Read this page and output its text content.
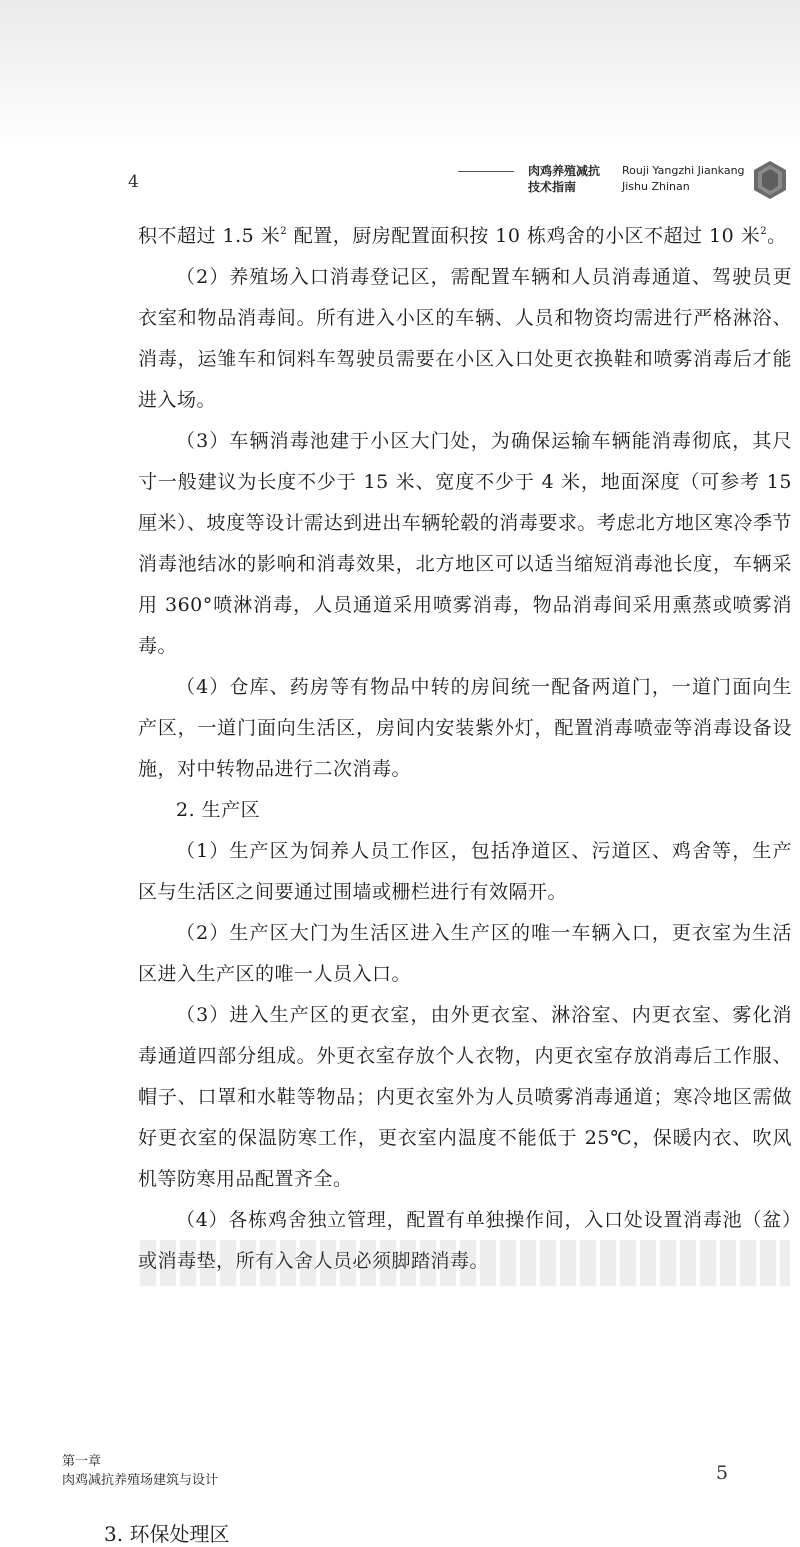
4
肉鸡养殖减抗
技术指南
Rouji Yangzhi Jiankang
Jishu Zhinan

积不超过 1.5 米$^2$ 配置，厨房配置面积按 10 栋鸡舍的小区不超过 10 米$^2$。

（2）养殖场入口消毒登记区，需配置车辆和人员消毒通道、驾驶员更衣室和物品消毒间。所有进入小区的车辆、人员和物资均需进行严格淋浴、消毒，运雏车和饲料车驾驶员需要在小区入口处更衣换鞋和喷雾消毒后才能进入场。

（3）车辆消毒池建于小区大门处，为确保运输车辆能消毒彻底，其尺寸一般建议为长度不少于 15 米、宽度不少于 4 米，地面深度（可参考 15 厘米）、坡度等设计需达到进出车辆轮毂的消毒要求。考虑北方地区寒冷季节消毒池结冰的影响和消毒效果，北方地区可以适当缩短消毒池长度，车辆采用 360°喷淋消毒，人员通道采用喷雾消毒，物品消毒间采用熏蒸或喷雾消毒。

（4）仓库、药房等有物品中转的房间统一配备两道门，一道门面向生产区，一道门面向生活区，房间内安装紫外灯，配置消毒喷壶等消毒设备设施，对中转物品进行二次消毒。

2. 生产区

（1）生产区为饲养人员工作区，包括净道区、污道区、鸡舍等，生产区与生活区之间要通过围墙或栅栏进行有效隔开。

（2）生产区大门为生活区进入生产区的唯一车辆入口，更衣室为生活区进入生产区的唯一人员入口。

（3）进入生产区的更衣室，由外更衣室、淋浴室、内更衣室、雾化消毒通道四部分组成。外更衣室存放个人衣物，内更衣室存放消毒后工作服、帽子、口罩和水鞋等物品；内更衣室外为人员喷雾消毒通道；寒冷地区需做好更衣室的保温防寒工作，更衣室内温度不能低于 25℃，保暖内衣、吹风机等防寒用品配置齐全。

（4）各栋鸡舍独立管理，配置有单独操作间，入口处设置消毒池（盆）或消毒垫，所有入舍人员必须脚踏消毒。

第一章
肉鸡减抗养殖场建筑与设计	5
3. 环保处理区
